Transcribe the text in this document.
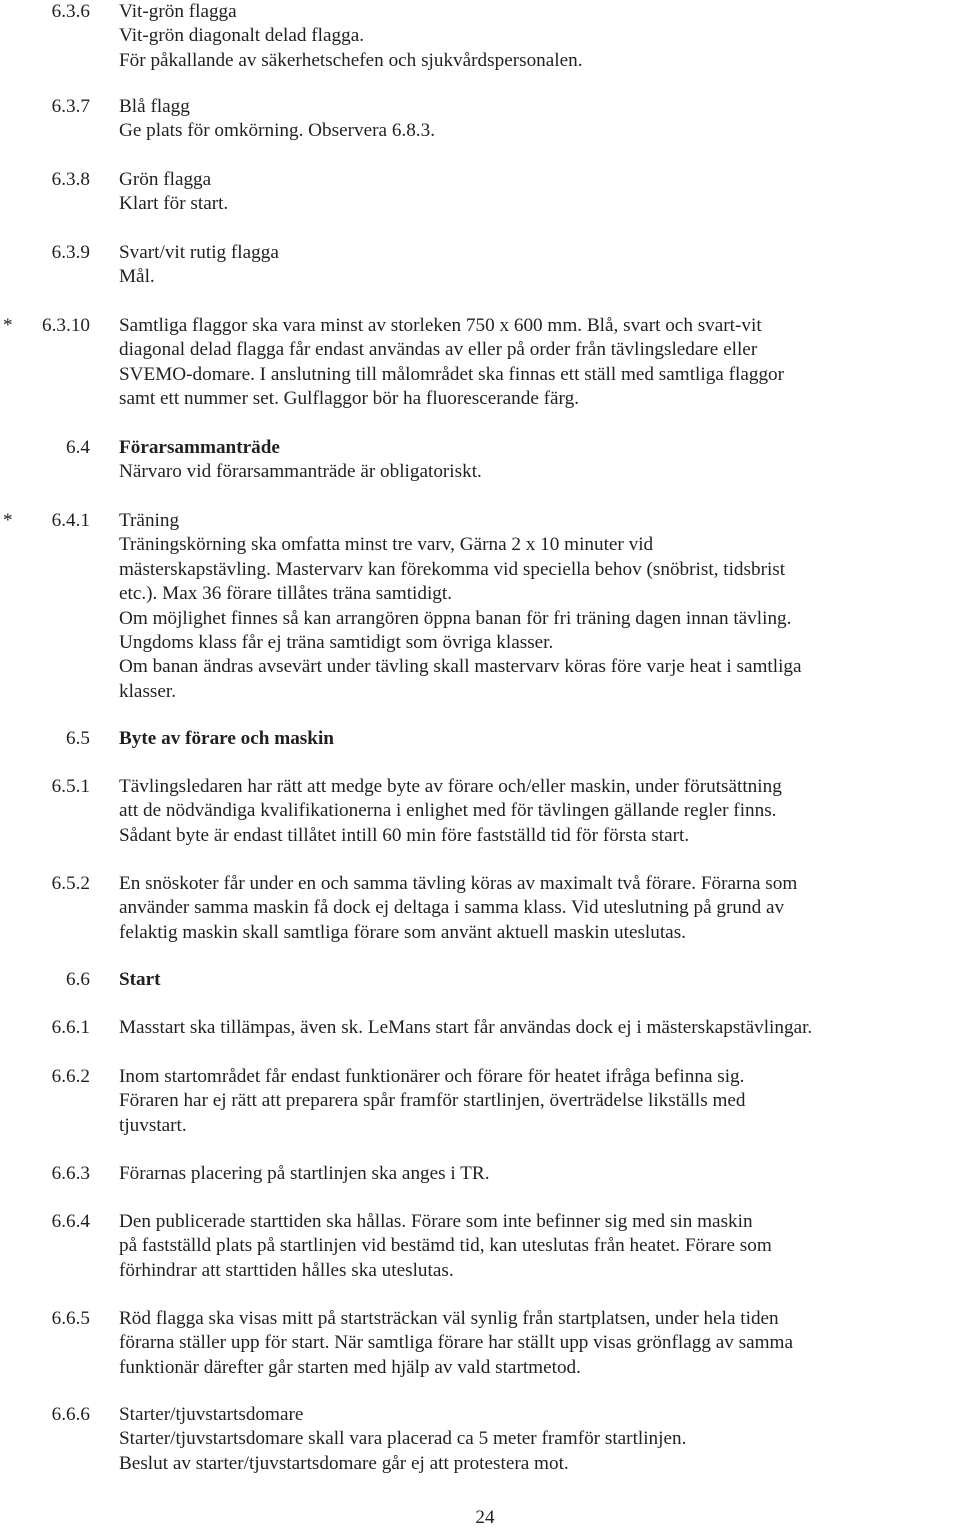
6.3.6 Vit-grön flagga
Vit-grön diagonalt delad flagga.
För påkallande av säkerhetschefen och sjukvårdspersonalen.
6.3.7 Blå flagg
Ge plats för omkörning. Observera 6.8.3.
6.3.8 Grön flagga
Klart för start.
6.3.9 Svart/vit rutig flagga
Mål.
*	6.3.10 Samtliga flaggor ska vara minst av storleken 750 x 600 mm. Blå, svart och svart-vit
diagonal delad flagga får endast användas av eller på order från tävlingsledare eller
SVEMO-domare. I anslutning till målområdet ska finnas ett ställ med samtliga flaggor
samt ett nummer set. Gulflaggor bör ha fluorescerande färg.
6.4 Förarsammanträde
Närvaro vid förarsammanträde är obligatoriskt.
*	6.4.1 Träning
Träningskörning ska omfatta minst tre varv, Gärna 2 x 10 minuter vid
mästerskapstävling. Mastervarv kan förekomma vid speciella behov (snöbrist, tidsbrist
etc.). Max 36 förare tillåtes träna samtidigt.
Om möjlighet finnes så kan arrangören öppna banan för fri träning dagen innan tävling.
Ungdoms klass får ej träna samtidigt som övriga klasser.
Om banan ändras avsevärt under tävling skall mastervarv köras före varje heat i samtliga
klasser.
6.5 Byte av förare och maskin
6.5.1 Tävlingsledaren har rätt att medge byte av förare och/eller maskin, under förutsättning
att de nödvändiga kvalifikationerna i enlighet med för tävlingen gällande regler finns.
Sådant byte är endast tillåtet intill 60 min före fastställd tid för första start.
6.5.2 En snöskoter får under en och samma tävling köras av maximalt två förare. Förarna som
använder samma maskin få dock ej deltaga i samma klass. Vid uteslutning på grund av
felaktig maskin skall samtliga förare som använt aktuell maskin uteslutas.
6.6 Start
6.6.1 Masstart ska tillämpas, även sk. LeMans start får användas dock ej i mästerskapstävlingar.
6.6.2 Inom startområdet får endast funktionärer och förare för heatet ifråga befinna sig.
Föraren har ej rätt att preparera spår framför startlinjen, överträdelse likställs med
tjuvstart.
6.6.3 Förarnas placering på startlinjen ska anges i TR.
6.6.4 Den publicerade starttiden ska hållas. Förare som inte befinner sig med sin maskin
på fastställd plats på startlinjen vid bestämd tid, kan uteslutas från heatet. Förare som
förhindrar att starttiden hålles ska uteslutas.
6.6.5 Röd flagga ska visas mitt på startsträckan väl synlig från startplatsen, under hela tiden
förarna ställer upp för start. När samtliga förare har ställt upp visas grönflagg av samma
funktionär därefter går starten med hjälp av vald startmetod.
6.6.6 Starter/tjuvstartsdomare
Starter/tjuvstartsdomare skall vara placerad ca 5 meter framför startlinjen.
Beslut av starter/tjuvstartsdomare går ej att protestera mot.
24
